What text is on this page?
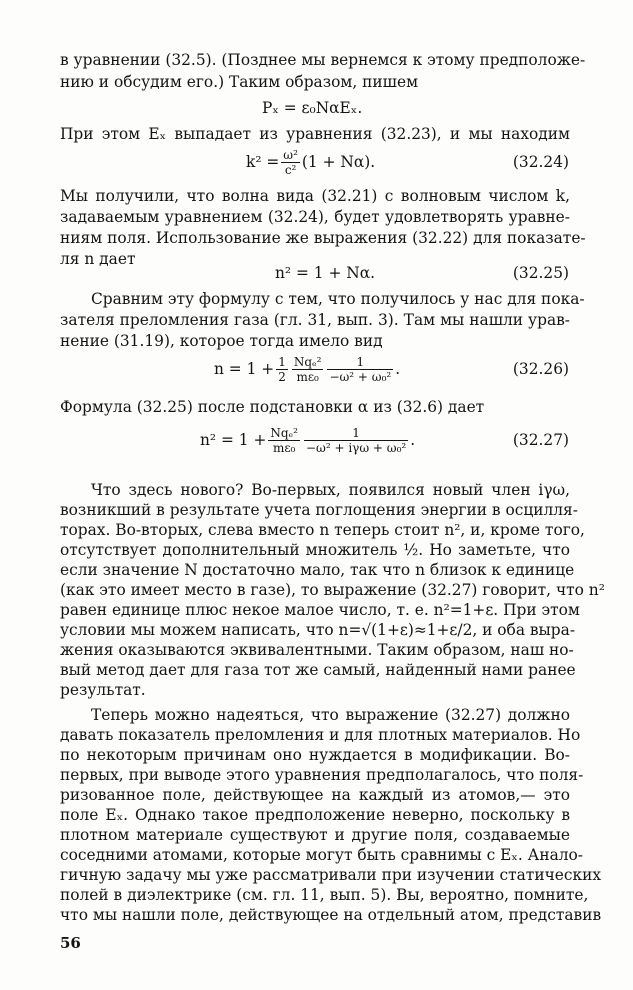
в уравнении (32.5). (Позднее мы вернемся к этому предположе-
нию и обсудим его.) Таким образом, пишем
Pₓ = ε₀NαEₓ.
При этом Eₓ выпадает из уравнения (32.23), и мы находим
$k^2 = \frac{\text{ω²}}{\text{c²}} (1 + N\alpha)$.	(32.24)
Мы получили, что волна вида (32.21) с волновым числом k,
задаваемым уравнением (32.24), будет удовлетворять уравне-
ниям поля. Использование же выражения (32.22) для показате-
ля n дает
n² = 1 + Nα.	(32.25)
Сравним эту формулу с тем, что получилось у нас для пока-
зателя преломления газа (гл. 31, вып. 3). Там мы нашли урав-
нение (31.19), которое тогда имело вид
$n = 1 + \frac{1}{2} \frac{\text{Nqₑ²}}{\text{mε₀}} \frac{1}{\text{−ω² + ω₀²}}$ .	(32.26)
Формула (32.25) после подстановки α из (32.6) дает
$n^2 = 1 + \frac{\text{Nqₑ²}}{\text{mε₀}} \frac{1}{\text{−ω² + iγω + ω₀²}}$ .	(32.27)
Что здесь нового? Во-первых, появился новый член iγω,
возникший в результате учета поглощения энергии в осцилля-
торах. Во-вторых, слева вместо n теперь стоит n², и, кроме того,
отсутствует дополнительный множитель ½. Но заметьте, что
если значение N достаточно мало, так что n близок к единице
(как это имеет место в газе), то выражение (32.27) говорит, что n²
равен единице плюс некое малое число, т. е. n²=1+ε. При этом
условии мы можем написать, что n=√(1+ε)≈1+ε/2, и оба выра-
жения оказываются эквивалентными. Таким образом, наш но-
вый метод дает для газа тот же самый, найденный нами ранее
результат.
Теперь можно надеяться, что выражение (32.27) должно
давать показатель преломления и для плотных материалов. Но
по некоторым причинам оно нуждается в модификации. Во-
первых, при выводе этого уравнения предполагалось, что поля-
ризованное поле, действующее на каждый из атомов,— это
поле Eₓ. Однако такое предположение неверно, поскольку в
плотном материале существуют и другие поля, создаваемые
соседними атомами, которые могут быть сравнимы с Eₓ. Анало-
гичную задачу мы уже рассматривали при изучении статических
полей в диэлектрике (см. гл. 11, вып. 5). Вы, вероятно, помните,
что мы нашли поле, действующее на отдельный атом, представив
56
